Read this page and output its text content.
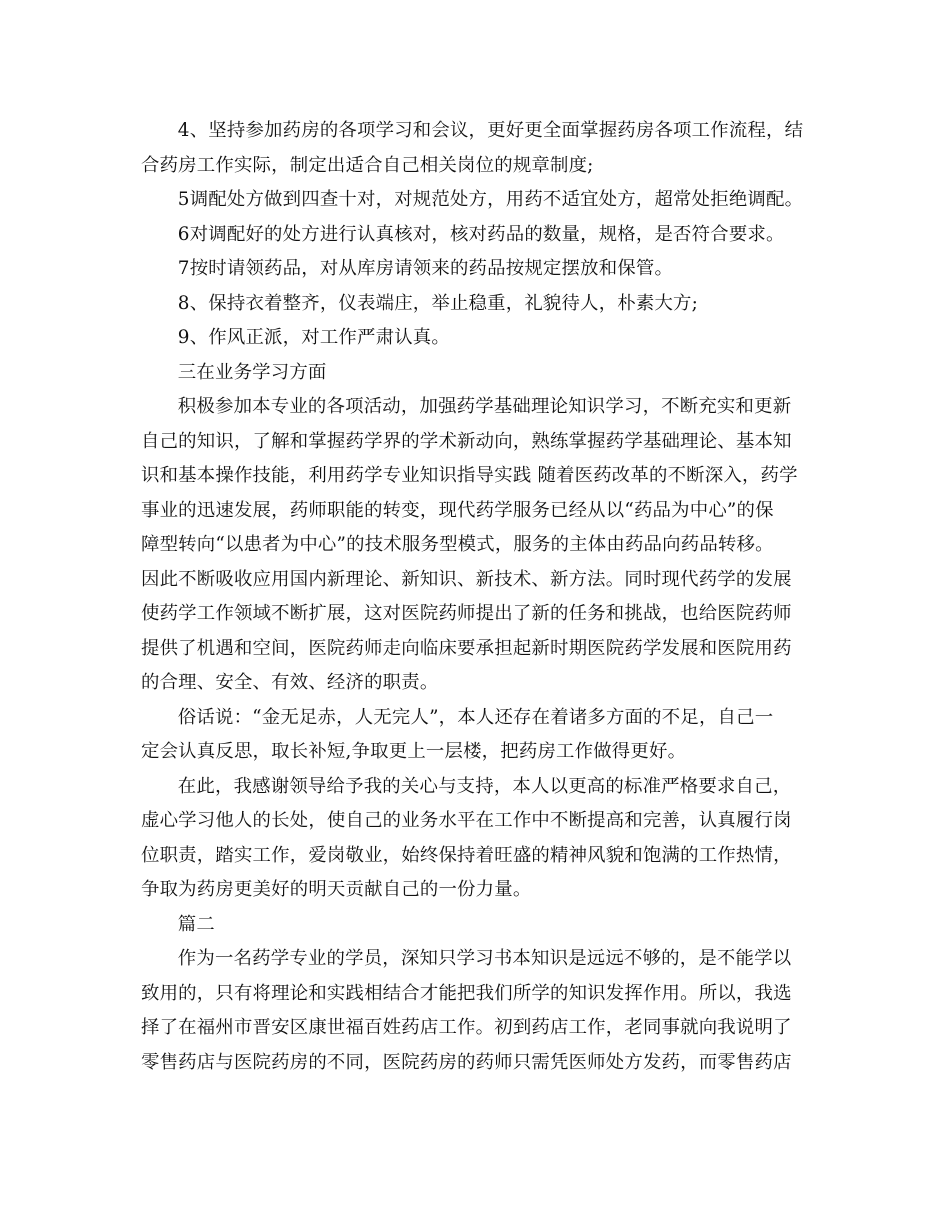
4、坚持参加药房的各项学习和会议，更好更全面掌握药房各项工作流程，结
合药房工作实际，制定出适合自己相关岗位的规章制度;

5调配处方做到四查十对，对规范处方，用药不适宜处方，超常处拒绝调配。

6对调配好的处方进行认真核对，核对药品的数量，规格，是否符合要求。

7按时请领药品，对从库房请领来的药品按规定摆放和保管。

8、保持衣着整齐，仪表端庄，举止稳重，礼貌待人，朴素大方;

9、作风正派，对工作严肃认真。

三在业务学习方面

积极参加本专业的各项活动，加强药学基础理论知识学习，不断充实和更新
自己的知识，了解和掌握药学界的学术新动向，熟练掌握药学基础理论、基本知
识和基本操作技能，利用药学专业知识指导实践 随着医药改革的不断深入，药学
事业的迅速发展，药师职能的转变，现代药学服务已经从以“药品为中心”的保
障型转向“以患者为中心”的技术服务型模式，服务的主体由药品向药品转移。
因此不断吸收应用国内新理论、新知识、新技术、新方法。同时现代药学的发展
使药学工作领域不断扩展，这对医院药师提出了新的任务和挑战，也给医院药师
提供了机遇和空间，医院药师走向临床要承担起新时期医院药学发展和医院用药
的合理、安全、有效、经济的职责。

俗话说：“金无足赤，人无完人”，本人还存在着诸多方面的不足，自己一
定会认真反思，取长补短,争取更上一层楼，把药房工作做得更好。

在此，我感谢领导给予我的关心与支持，本人以更高的标准严格要求自己，
虚心学习他人的长处，使自己的业务水平在工作中不断提高和完善，认真履行岗
位职责，踏实工作，爱岗敬业，始终保持着旺盛的精神风貌和饱满的工作热情，
争取为药房更美好的明天贡献自己的一份力量。

篇二

作为一名药学专业的学员，深知只学习书本知识是远远不够的，是不能学以
致用的，只有将理论和实践相结合才能把我们所学的知识发挥作用。所以，我选
择了在福州市晋安区康世福百姓药店工作。初到药店工作，老同事就向我说明了
零售药店与医院药房的不同，医院药房的药师只需凭医师处方发药，而零售药店
